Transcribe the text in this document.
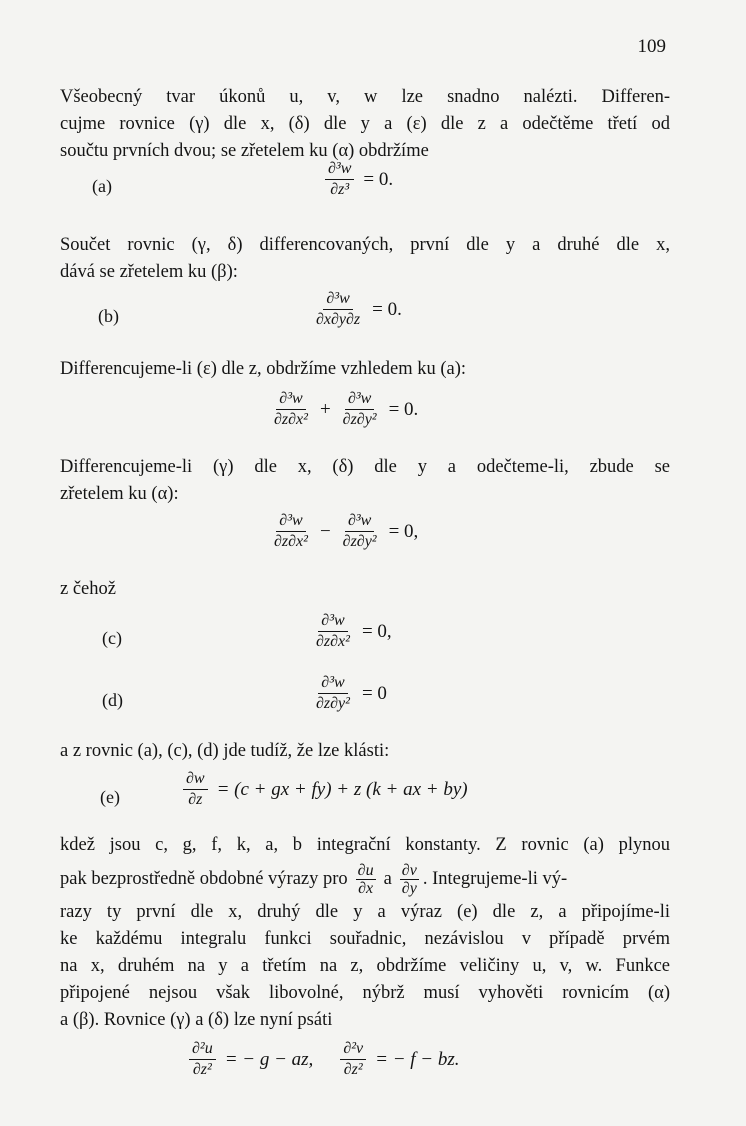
109
Všeobecný tvar úkonů u, v, w lze snadno nalézti. Differen-
cujme rovnice (γ) dle x, (δ) dle y a (ε) dle z a odečtěme třetí od
součtu prvních dvou; se zřetelem ku (α) obdržíme
(a)	$\frac{\text{∂³w}}{\text{∂z³}} = 0$.
Součet rovnic (γ, δ) differencovaných, první dle y a druhé dle x,
dává se zřetelem ku (β):
(b)	$\frac{\text{∂³w}}{\partial x\partial y\partial z} = 0$.
Differencujeme-li (ε) dle z, obdržíme vzhledem ku (a):
$\frac{\text{∂³w}}{\text{∂z∂x²}} + \frac{\text{∂³w}}{\text{∂z∂y²}} = 0$.
Differencujeme-li (γ) dle x, (δ) dle y a odečteme-li, zbude se
zřetelem ku (α):
$\frac{\text{∂³w}}{\text{∂z∂x²}} - \frac{\text{∂³w}}{\text{∂z∂y²}} = 0$,
z čehož
(c)	$\frac{\text{∂³w}}{\text{∂z∂x²}} = 0$,
(d)	$\frac{\text{∂³w}}{\text{∂z∂y²}} = 0$
a z rovnic (a), (c), (d) jde tudíž, že lze klásti:
(e)	$\frac{\partial w}{\partial z} = (c$ + gx + fy) + z (k + ax + by)
kdež jsou c, g, f, k, a, b integrační konstanty. Z rovnic (a) plynou
pak bezprostředně obdobné výrazy pro $\frac{\partial u}{\partial x}$ a $\frac{\partial v}{\partial y}$ . Integrujeme-li vý-
razy ty první dle x, druhý dle y a výraz (e) dle z, a připojíme-li
ke každému integralu funkci souřadnic, nezávislou v případě prvém
na x, druhém na y a třetím na z, obdržíme veličiny u, v, w. Funkce
připojené nejsou však libovolné, nýbrž musí vyhověti rovnicím (α)
a (β). Rovnice (γ) a (δ) lze nyní psáti
$\frac{\text{∂²u}}{\text{∂z²}}$ = − g − az, $\frac{\text{∂²v}}{\text{∂z²}}$ = − f − bz.
